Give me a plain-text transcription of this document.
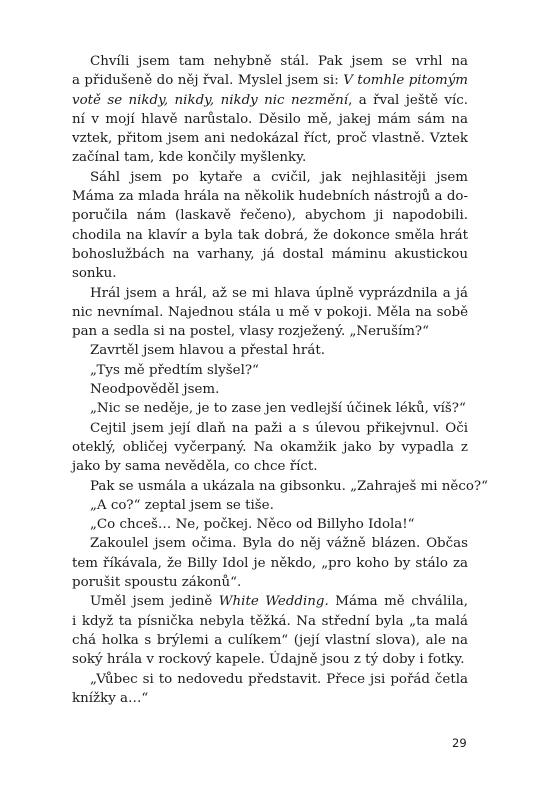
Chvíli jsem tam nehybně stál. Pak jsem se vrhl na
a přidušeně do něj řval. Myslel jsem si: V tomhle pitomým
votě se nikdy, nikdy, nikdy nic nezmění, a řval ještě víc.
ní v mojí hlavě narůstalo. Děsilo mě, jakej mám sám na
vztek, přitom jsem ani nedokázal říct, proč vlastně. Vztek
začínal tam, kde končily myšlenky.
Sáhl jsem po kytaře a cvičil, jak nejhlasitěji jsem
Máma za mlada hrála na několik hudebních nástrojů a do-
poručila nám (laskavě řečeno), abychom ji napodobili.
chodila na klavír a byla tak dobrá, že dokonce směla hrát
bohoslužbách na varhany, já dostal máminu akustickou
sonku.
Hrál jsem a hrál, až se mi hlava úplně vyprázdnila a já
nic nevnímal. Najednou stála u mě v pokoji. Měla na sobě
pan a sedla si na postel, vlasy rozježený. „Neruším?“
Zavrtěl jsem hlavou a přestal hrát.
„Tys mě předtím slyšel?“
Neodpověděl jsem.
„Nic se neděje, je to zase jen vedlejší účinek léků, víš?“
Cejtil jsem její dlaň na paži a s úlevou přikejvnul. Oči
oteklý, obličej vyčerpaný. Na okamžik jako by vypadla z
jako by sama nevěděla, co chce říct.
Pak se usmála a ukázala na gibsonku. „Zahraješ mi něco?“
„A co?“ zeptal jsem se tiše.
„Co chceš… Ne, počkej. Něco od Billyho Idola!“
Zakoulel jsem očima. Byla do něj vážně blázen. Občas
tem říkávala, že Billy Idol je někdo, „pro koho by stálo za
porušit spoustu zákonů“.
Uměl jsem jedině White Wedding. Máma mě chválila,
i když ta písnička nebyla těžká. Na střední byla „ta malá
chá holka s brýlemi a culíkem“ (její vlastní slova), ale na
soký hrála v rockový kapele. Údajně jsou z tý doby i fotky.
„Vůbec si to nedovedu představit. Přece jsi pořád četla
knížky a…“
29
